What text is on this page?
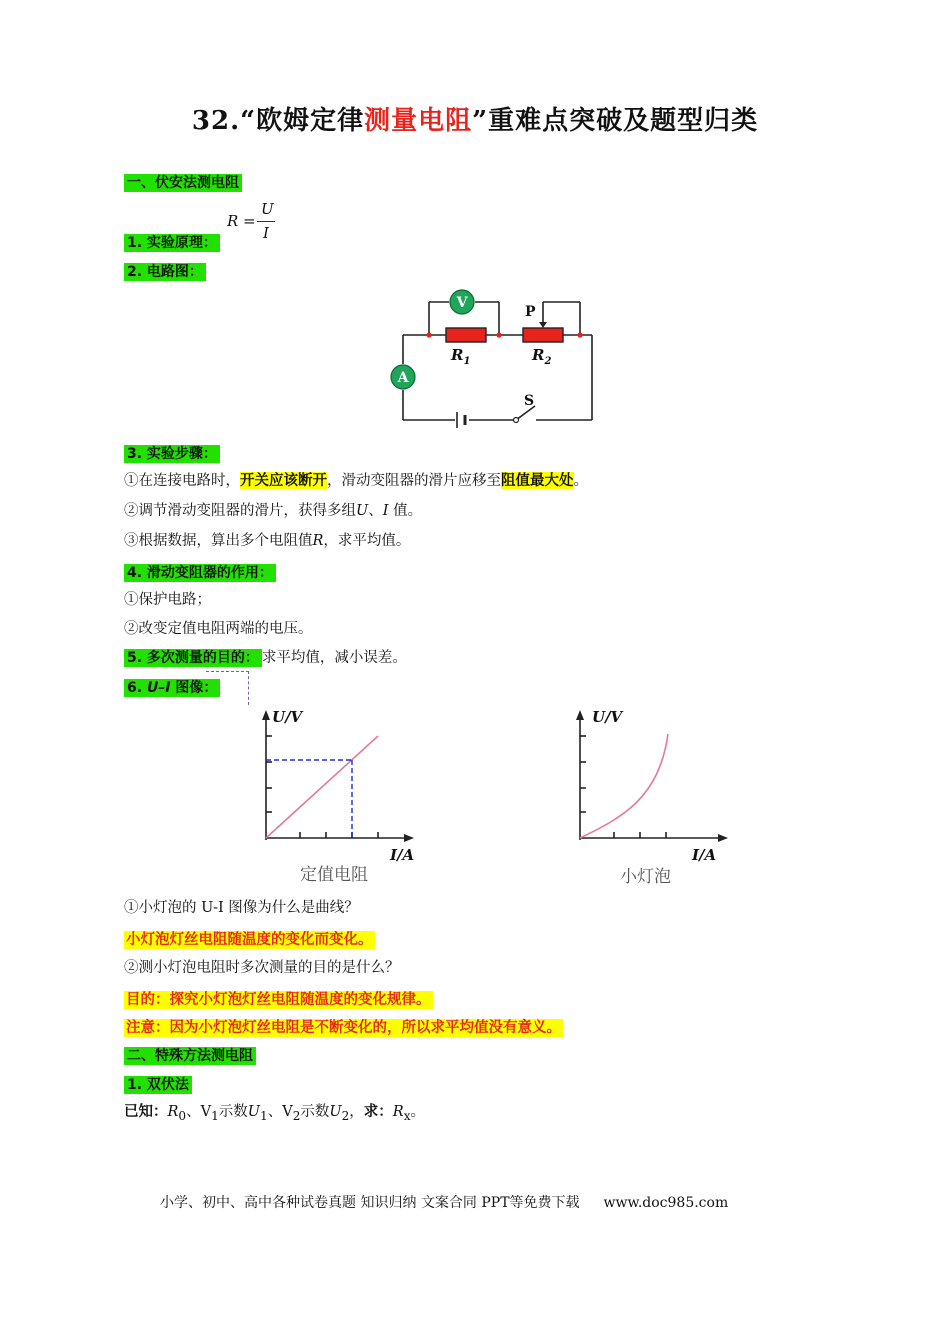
32.“欧姆定律测量电阻”重难点突破及题型归类
一、伏安法测电阻
R =
U
I
1. 实验原理：
2. 电路图：
V
A
$R_1$	$R_2$
P
S
3. 实验步骤：
①在连接电路时，开关应该断开，滑动变阻器的滑片应移至阻值最大处。
②调节滑动变阻器的滑片，获得多组U、I 值。
③根据数据，算出多个电阻值R，求平均值。
4. 滑动变阻器的作用：
①保护电路；
②改变定值电阻两端的电压。
5. 多次测量的目的： 求平均值，减小误差。
6. U–I 图像：
U/V
I/A
定值电阻
U/V
I/A
小灯泡
①小灯泡的 U-I 图像为什么是曲线？
小灯泡灯丝电阻随温度的变化而变化。
②测小灯泡电阻时多次测量的目的是什么？
目的：探究小灯泡灯丝电阻随温度的变化规律。
注意：因为小灯泡灯丝电阻是不断变化的，所以求平均值没有意义。
二、特殊方法测电阻
1. 双伏法
已知：$R_0$、$V_1$示数$U_1$、$V_2$示数$U_2$，求：$R_x$。
小学、初中、高中各种试卷真题 知识归纳 文案合同 PPT等免费下载 www.doc985.com
